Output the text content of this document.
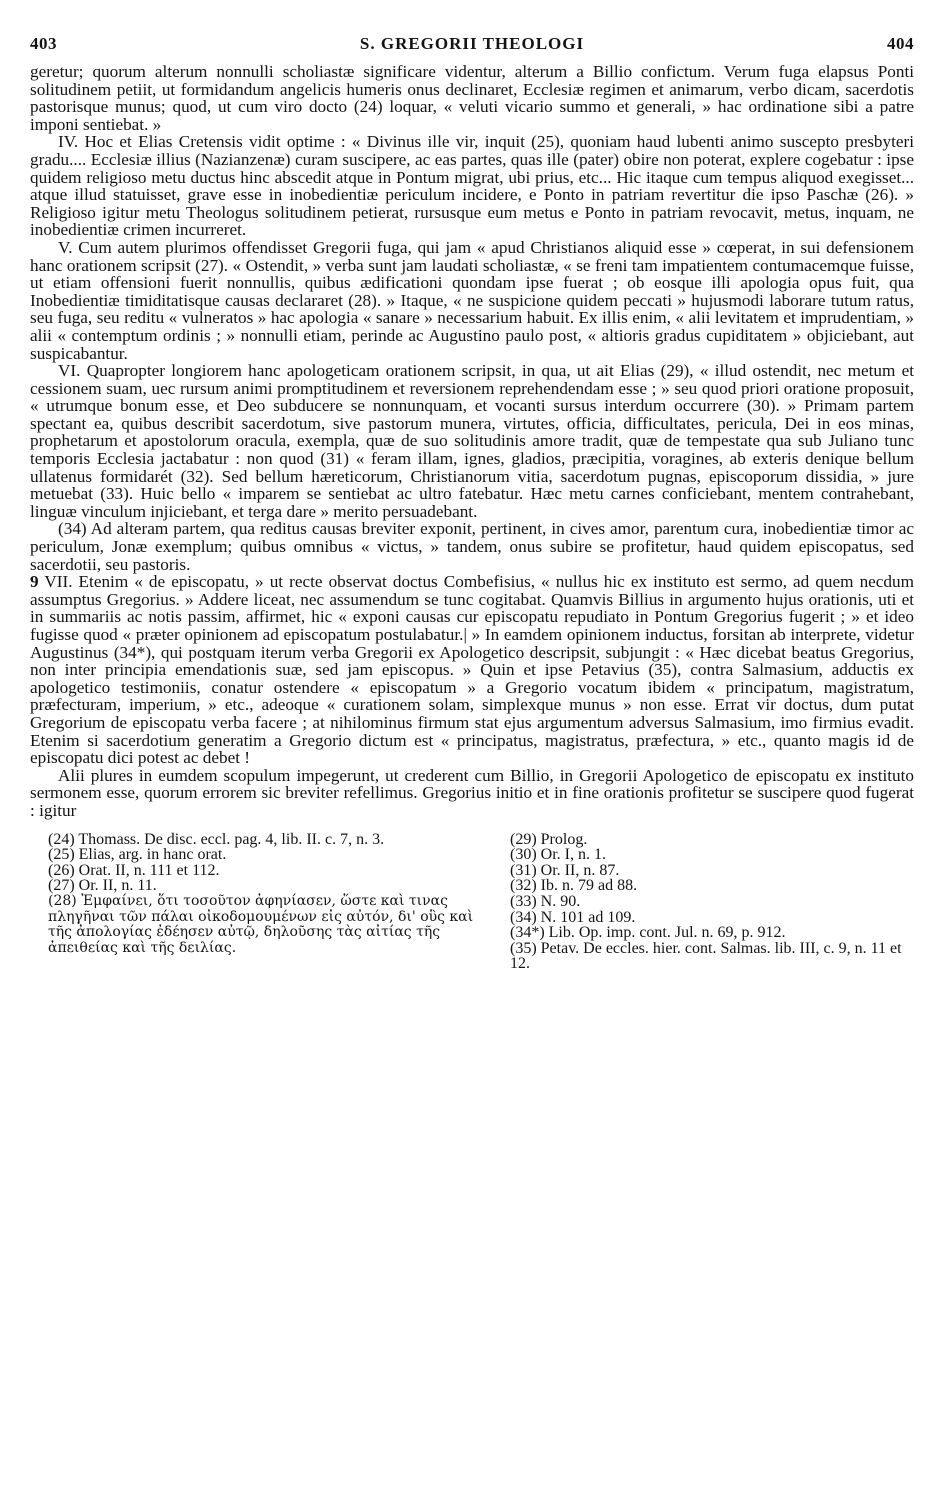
403	S. GREGORII THEOLOGI	404

geretur; quorum alterum nonnulli scholiastæ significare videntur, alterum a Billio confictum. Verum fuga elapsus Ponti solitudinem petiit, ut formidandum angelicis humeris onus declinaret, Ecclesiæ regimen et animarum, verbo dicam, sacerdotis pastorisque munus; quod, ut cum viro docto (24) loquar, « veluti vicario summo et generali, » hac ordinatione sibi a patre imponi sentiebat. »

IV. Hoc et Elias Cretensis vidit optime : « Divinus ille vir, inquit (25), quoniam haud lubenti animo suscepto presbyteri gradu.... Ecclesiæ illius (Nazianzenæ) curam suscipere, ac eas partes, quas ille (pater) obire non poterat, explere cogebatur : ipse quidem religioso metu ductus hinc abscedit atque in Pontum migrat, ubi prius, etc... Hic itaque cum tempus aliquod exegisset... atque illud statuisset, grave esse in inobedientiæ periculum incidere, e Ponto in patriam revertitur die ipso Paschæ (26). » Religioso igitur metu Theologus solitudinem petierat, rursusque eum metus e Ponto in patriam revocavit, metus, inquam, ne inobedientiæ crimen incurreret.

V. Cum autem plurimos offendisset Gregorii fuga, qui jam « apud Christianos aliquid esse » cœperat, in sui defensionem hanc orationem scripsit (27). « Ostendit, » verba sunt jam laudati scholiastæ, « se freni tam impatientem contumacemque fuisse, ut etiam offensioni fuerit nonnullis, quibus ædificationi quondam ipse fuerat ; ob eosque illi apologia opus fuit, qua Inobedientiæ timiditatisque causas declararet (28). » Itaque, « ne suspicione quidem peccati » hujusmodi laborare tutum ratus, seu fuga, seu reditu « vulneratos » hac apologia « sanare » necessarium habuit. Ex illis enim, « alii levitatem et imprudentiam, » alii « contemptum ordinis ; » nonnulli etiam, perinde ac Augustino paulo post, « altioris gradus cupiditatem » objiciebant, aut suspicabantur.

VI. Quapropter longiorem hanc apologeticam orationem scripsit, in qua, ut ait Elias (29), « illud ostendit, nec metum et cessionem suam, uec rursum animi promptitudinem et reversionem reprehendendam esse ; » seu quod priori oratione proposuit, « utrumque bonum esse, et Deo subducere se nonnunquam, et vocanti sursus interdum occurrere (30). » Primam partem spectant ea, quibus describit sacerdotum, sive pastorum munera, virtutes, officia, difficultates, pericula, Dei in eos minas, prophetarum et apostolorum oracula, exempla, quæ de suo solitudinis amore tradit, quæ de tempestate qua sub Juliano tunc temporis Ecclesia jactabatur : non quod (31) « feram illam, ignes, gladios, præcipitia, voragines, ab exteris denique bellum ullatenus formidarét (32). Sed bellum hæreticorum, Christianorum vitia, sacerdotum pugnas, episcoporum dissidia, » jure metuebat (33). Huic bello « imparem se sentiebat ac ultro fatebatur. Hæc metu carnes conficiebant, mentem contrahebant, linguæ vinculum injiciebant, et terga dare » merito persuadebant.

(34) Ad alteram partem, qua reditus causas breviter exponit, pertinent, in cives amor, parentum cura, inobedientiæ timor ac periculum, Jonæ exemplum; quibus omnibus « victus, » tandem, onus subire se profitetur, haud quidem episcopatus, sed sacerdotii, seu pastoris.

9 VII. Etenim « de episcopatu, » ut recte observat doctus Combefisius, « nullus hic ex instituto est sermo, ad quem necdum assumptus Gregorius. » Addere liceat, nec assumendum se tunc cogitabat. Quamvis Billius in argumento hujus orationis, uti et in summariis ac notis passim, affirmet, hic « exponi causas cur episcopatu repudiato in Pontum Gregorius fugerit ; » et ideo fugisse quod « præter opinionem ad episcopatum postulabatur.| » In eamdem opinionem inductus, forsitan ab interprete, videtur Augustinus (34*), qui postquam iterum verba Gregorii ex Apologetico descripsit, subjungit : « Hæc dicebat beatus Gregorius, non inter principia emendationis suæ, sed jam episcopus. » Quin et ipse Petavius (35), contra Salmasium, adductis ex apologetico testimoniis, conatur ostendere « episcopatum » a Gregorio vocatum ibidem « principatum, magistratum, præfecturam, imperium, » etc., adeoque « curationem solam, simplexque munus » non esse. Errat vir doctus, dum putat Gregorium de episcopatu verba facere ; at nihilominus firmum stat ejus argumentum adversus Salmasium, imo firmius evadit. Etenim si sacerdotium generatim a Gregorio dictum est « principatus, magistratus, præfectura, » etc., quanto magis id de episcopatu dici potest ac debet !

Alii plures in eumdem scopulum impegerunt, ut crederent cum Billio, in Gregorii Apologetico de episcopatu ex instituto sermonem esse, quorum errorem sic breviter refellimus. Gregorius initio et in fine orationis profitetur se suscipere quod fugerat : igitur

(24) Thomass. De disc. eccl. pag. 4, lib. II. c. 7, n. 3.

(25) Elias, arg. in hanc orat.

(26) Orat. II, n. 111 et 112.

(27) Or. II, n. 11.

(28) Ἐμφαίνει, ὅτι τοσοῦτον ἀφηνίασεν, ὥστε καὶ τινας πληγῆναι τῶν πάλαι οἰκοδομουμένων εἰς αὐτόν, δι' οὓς καὶ τῆς ἀπολογίας ἐδέησεν αὐτῷ, δηλοῦσης τὰς αἰτίας τῆς ἀπειθείας καὶ τῆς δειλίας.

(29) Prolog.

(30) Or. I, n. 1.

(31) Or. II, n. 87.

(32) Ib. n. 79 ad 88.

(33) N. 90.

(34) N. 101 ad 109.

(34*) Lib. Op. imp. cont. Jul. n. 69, p. 912.

(35) Petav. De eccles. hier. cont. Salmas. lib. III, c. 9, n. 11 et 12.
